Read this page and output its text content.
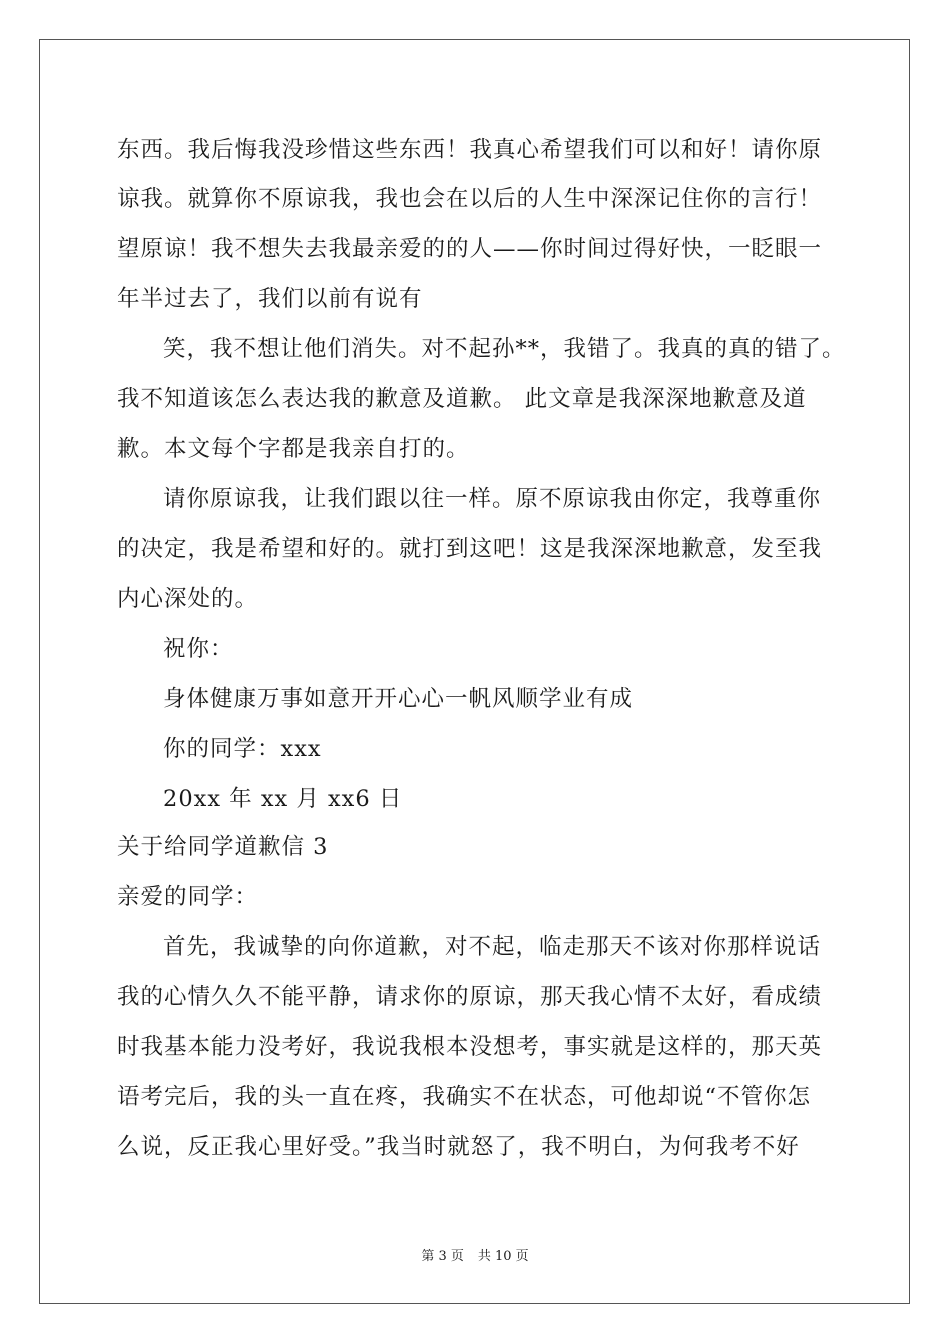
东西。我后悔我没珍惜这些东西！我真心希望我们可以和好！请你原
谅我。就算你不原谅我，我也会在以后的人生中深深记住你的言行！
望原谅！我不想失去我最亲爱的的人——你时间过得好快，一眨眼一
年半过去了，我们以前有说有
笑，我不想让他们消失。对不起孙**，我错了。我真的真的错了。
我不知道该怎么表达我的歉意及道歉。 此文章是我深深地歉意及道
歉。本文每个字都是我亲自打的。
请你原谅我，让我们跟以往一样。原不原谅我由你定，我尊重你
的决定，我是希望和好的。就打到这吧！这是我深深地歉意，发至我
内心深处的。
祝你：
身体健康万事如意开开心心一帆风顺学业有成
你的同学：xxx
20xx 年 xx 月 xx6 日
关于给同学道歉信 3
亲爱的同学：
首先，我诚挚的向你道歉，对不起，临走那天不该对你那样说话
我的心情久久不能平静，请求你的原谅，那天我心情不太好，看成绩
时我基本能力没考好，我说我根本没想考，事实就是这样的，那天英
语考完后，我的头一直在疼，我确实不在状态，可他却说“不管你怎
么说，反正我心里好受。”我当时就怒了，我不明白，为何我考不好
第 3 页 共 10 页
